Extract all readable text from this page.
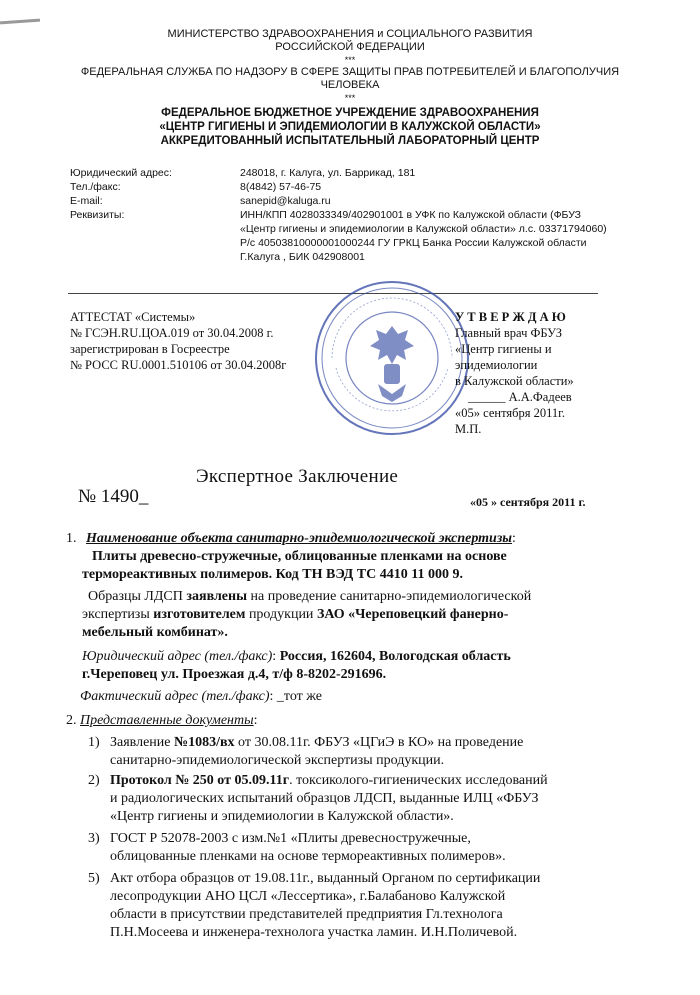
МИНИСТЕРСТВО ЗДРАВООХРАНЕНИЯ и СОЦИАЛЬНОГО РАЗВИТИЯ
РОССИЙСКОЙ ФЕДЕРАЦИИ
***
ФЕДЕРАЛЬНАЯ СЛУЖБА ПО НАДЗОРУ В СФЕРЕ ЗАЩИТЫ ПРАВ ПОТРЕБИТЕЛЕЙ И БЛАГОПОЛУЧИЯ
ЧЕЛОВЕКА
***
ФЕДЕРАЛЬНОЕ БЮДЖЕТНОЕ УЧРЕЖДЕНИЕ ЗДРАВООХРАНЕНИЯ
«ЦЕНТР ГИГИЕНЫ И ЭПИДЕМИОЛОГИИ В КАЛУЖСКОЙ ОБЛАСТИ»
АККРЕДИТОВАННЫЙ ИСПЫТАТЕЛЬНЫЙ ЛАБОРАТОРНЫЙ ЦЕНТР
Юридический адрес:	248018, г. Калуга, ул. Баррикад, 181
Тел./факс:	8(4842) 57-46-75
E-mail:	sanepid@kaluga.ru
Реквизиты:	ИНН/КПП 4028033349/402901001 в УФК по Калужской области (ФБУЗ
«Центр гигиены и эпидемиологии в Калужской области» л.с. 03371794060)
Р/с 40503810000001000244 ГУ ГРКЦ Банка России Калужской области
Г.Калуга , БИК 042908001
АТТЕСТАТ «Системы»
№ ГСЭН.RU.ЦОА.019 от 30.04.2008 г.
зарегистрирован в Госреестре
№ РОСС RU.0001.510106 от 30.04.2008г
У Т В Е Р Ж Д А Ю
Главный врач ФБУЗ
«Центр гигиены и
эпидемиологии
в Калужской области»
______ А.А.Фадеев
«05» сентября 2011г.
М.П.
Экспертное Заключение
№ 1490_	«05 » сентября 2011 г.
1. Наименование объекта санитарно-эпидемиологической экспертизы:
Плиты древесно-стружечные, облицованные пленками на основе
термореактивных полимеров. Код ТН ВЭД ТС 4410 11 000 9.
Образцы ЛДСП заявлены на проведение санитарно-эпидемиологической
экспертизы изготовителем продукции ЗАО «Череповецкий фанерно-
мебельный комбинат».
Юридический адрес (тел./факс): Россия, 162604, Вологодская область
г.Череповец ул. Проезжая д.4, т/ф 8-8202-291696.
Фактический адрес (тел./факс): _тот же
2. Представленные документы:
1) Заявление №1083/вх от 30.08.11г. ФБУЗ «ЦГиЭ в КО» на проведение
санитарно-эпидемиологической экспертизы продукции.
2) Протокол № 250 от 05.09.11г. токсиколого-гигиенических исследований
и радиологических испытаний образцов ЛДСП, выданные ИЛЦ «ФБУЗ
«Центр гигиены и эпидемиологии в Калужской области».
3) ГОСТ Р 52078-2003 с изм.№1 «Плиты древесностружечные,
облицованные пленками на основе термореактивных полимеров».
5) Акт отбора образцов от 19.08.11г., выданный Органом по сертификации
лесопродукции АНО ЦСЛ «Лессертика», г.Балабаново Калужской
области в присутствии представителей предприятия Гл.технолога
П.Н.Мосеева и инженера-технолога участка ламин. И.Н.Поличевой.
